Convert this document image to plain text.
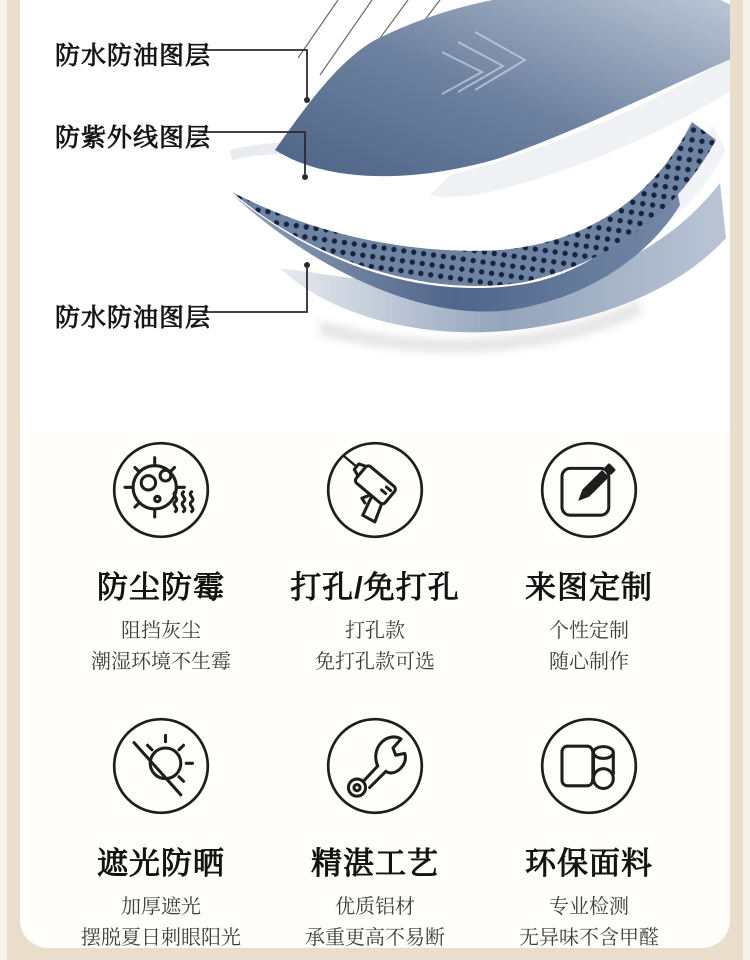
防水防油图层
防紫外线图层
防水防油图层
防尘防霉
阻挡灰尘
潮湿环境不生霉
打孔/免打孔
打孔款
免打孔款可选
来图定制
个性定制
随心制作
遮光防晒
加厚遮光
摆脱夏日刺眼阳光
精湛工艺
优质铝材
承重更高不易断
环保面料
专业检测
无异味不含甲醛
